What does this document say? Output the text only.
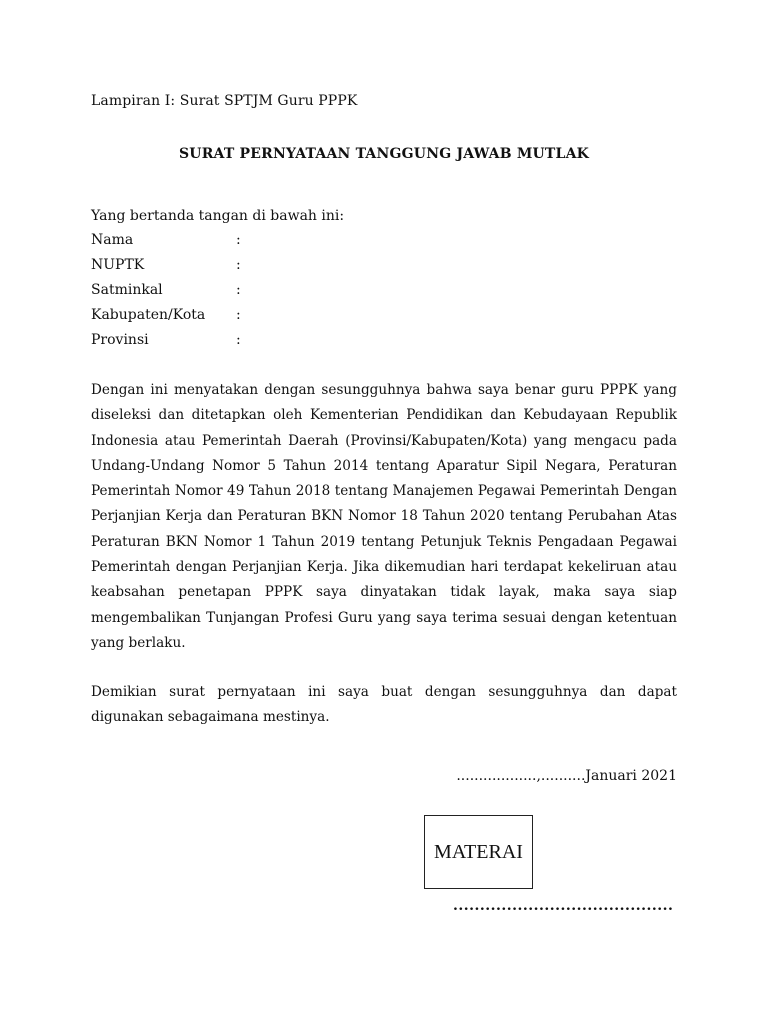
Lampiran I: Surat SPTJM Guru PPPK
SURAT PERNYATAAN TANGGUNG JAWAB MUTLAK
Yang bertanda tangan di bawah ini:
Nama	:
NUPTK	:
Satminkal	:
Kabupaten/Kota :
Provinsi	:
Dengan ini menyatakan dengan sesungguhnya bahwa saya benar guru PPPK yang diseleksi dan ditetapkan oleh Kementerian Pendidikan dan Kebudayaan Republik Indonesia atau Pemerintah Daerah (Provinsi/Kabupaten/Kota) yang mengacu pada Undang-Undang Nomor 5 Tahun 2014 tentang Aparatur Sipil Negara, Peraturan Pemerintah Nomor 49 Tahun 2018 tentang Manajemen Pegawai Pemerintah Dengan Perjanjian Kerja dan Peraturan BKN Nomor 18 Tahun 2020 tentang Perubahan Atas Peraturan BKN Nomor 1 Tahun 2019 tentang Petunjuk Teknis Pengadaan Pegawai Pemerintah dengan Perjanjian Kerja. Jika dikemudian hari terdapat kekeliruan atau keabsahan penetapan PPPK saya dinyatakan tidak layak, maka saya siap mengembalikan Tunjangan Profesi Guru yang saya terima sesuai dengan ketentuan yang berlaku.
Demikian surat pernyataan ini saya buat dengan sesungguhnya dan dapat digunakan sebagaimana mestinya.
..................,..........Januari 2021
MATERAI
.........................................
